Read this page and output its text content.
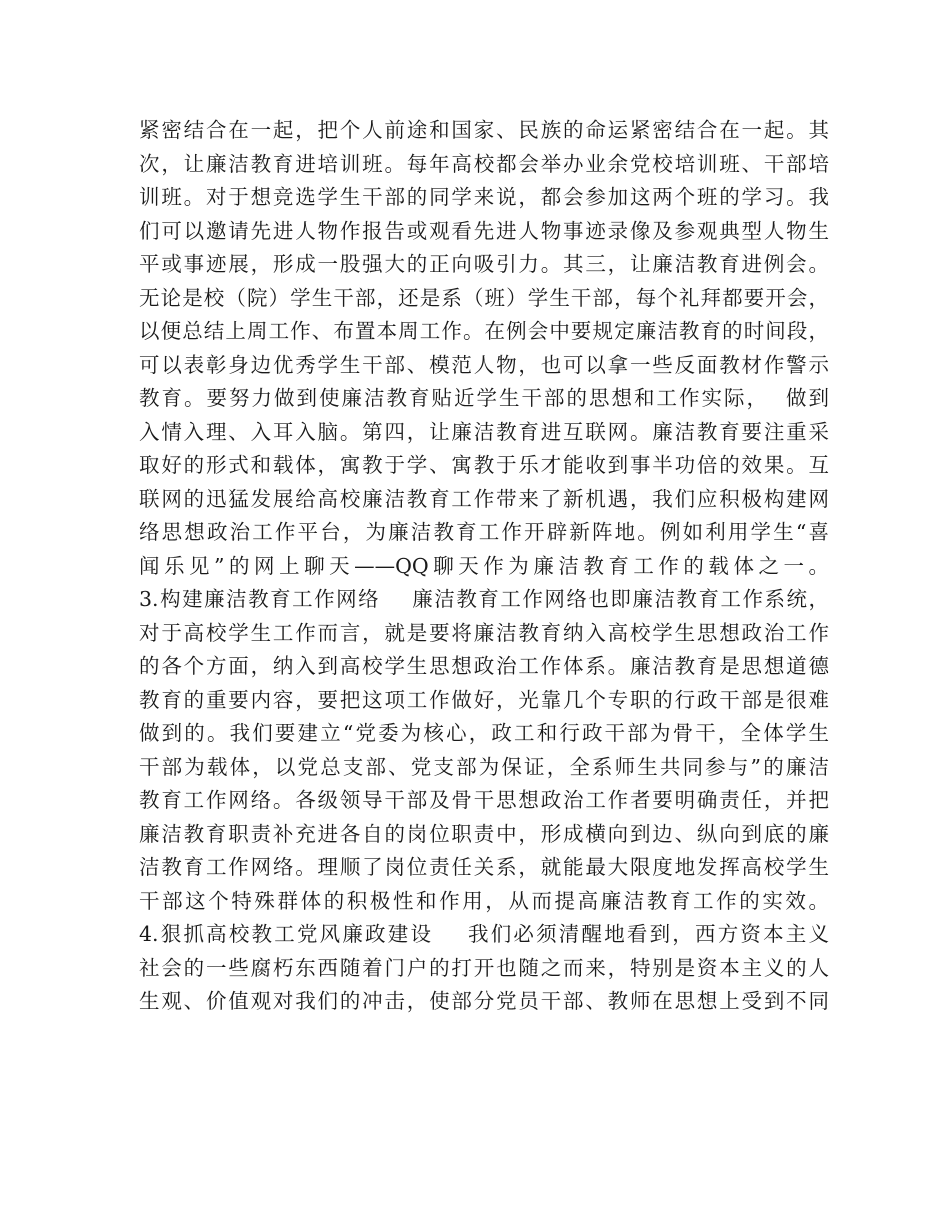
紧密结合在一起，把个人前途和国家、民族的命运紧密结合在一起。其
次，让廉洁教育进培训班。每年高校都会举办业余党校培训班、干部培
训班。对于想竞选学生干部的同学来说，都会参加这两个班的学习。我
们可以邀请先进人物作报告或观看先进人物事迹录像及参观典型人物生
平或事迹展，形成一股强大的正向吸引力。其三，让廉洁教育进例会。
无论是校（院）学生干部，还是系（班）学生干部，每个礼拜都要开会，
以便总结上周工作、布置本周工作。在例会中要规定廉洁教育的时间段，
可以表彰身边优秀学生干部、模范人物，也可以拿一些反面教材作警示
教育。要努力做到使廉洁教育贴近学生干部的思想和工作实际，  做到
入情入理、入耳入脑。第四，让廉洁教育进互联网。廉洁教育要注重采
取好的形式和载体，寓教于学、寓教于乐才能收到事半功倍的效果。互
联网的迅猛发展给高校廉洁教育工作带来了新机遇，我们应积极构建网
络思想政治工作平台，为廉洁教育工作开辟新阵地。例如利用学生“喜
闻乐见”的网上聊天——QQ聊天作为廉洁教育工作的载体之一。
3.构建廉洁教育工作网络    廉洁教育工作网络也即廉洁教育工作系统，
对于高校学生工作而言，就是要将廉洁教育纳入高校学生思想政治工作
的各个方面，纳入到高校学生思想政治工作体系。廉洁教育是思想道德
教育的重要内容，要把这项工作做好，光靠几个专职的行政干部是很难
做到的。我们要建立“党委为核心，政工和行政干部为骨干，全体学生
干部为载体，以党总支部、党支部为保证，全系师生共同参与”的廉洁
教育工作网络。各级领导干部及骨干思想政治工作者要明确责任，并把
廉洁教育职责补充进各自的岗位职责中，形成横向到边、纵向到底的廉
洁教育工作网络。理顺了岗位责任关系，就能最大限度地发挥高校学生
干部这个特殊群体的积极性和作用，从而提高廉洁教育工作的实效。
4.狠抓高校教工党风廉政建设    我们必须清醒地看到，西方资本主义
社会的一些腐朽东西随着门户的打开也随之而来，特别是资本主义的人
生观、价值观对我们的冲击，使部分党员干部、教师在思想上受到不同
